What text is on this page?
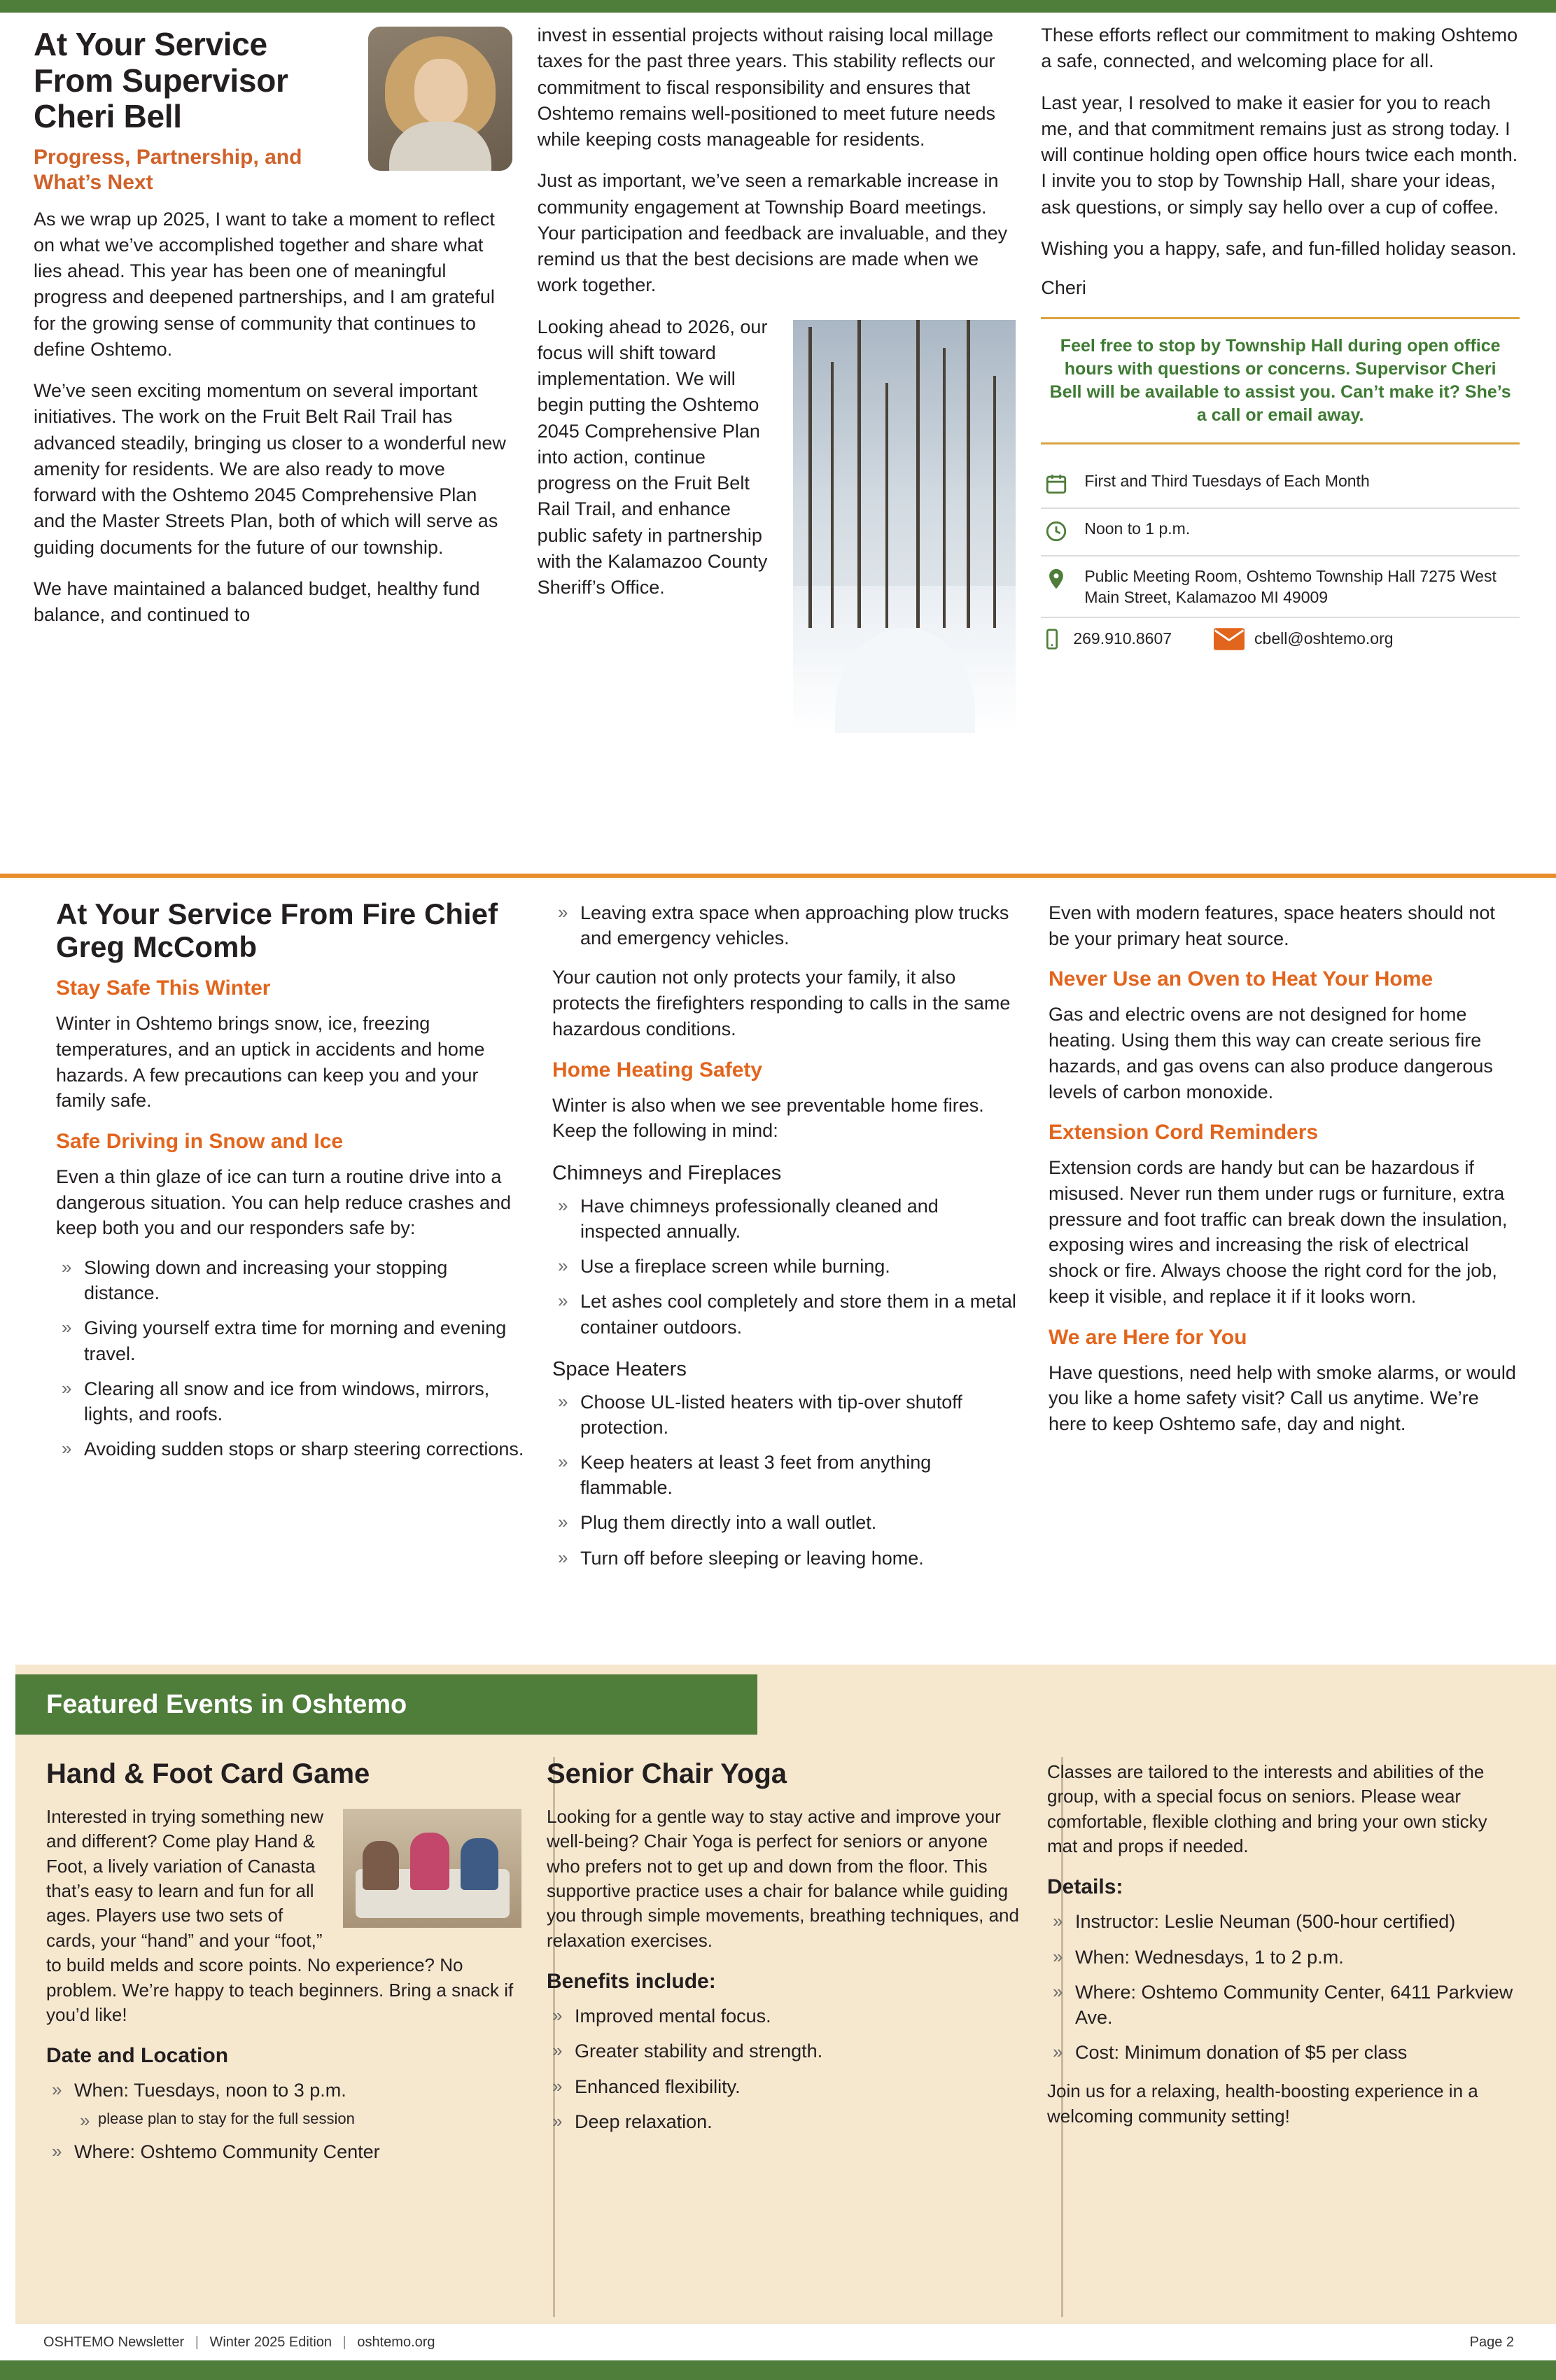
At Your Service From Supervisor Cheri Bell
Progress, Partnership, and What’s Next

As we wrap up 2025, I want to take a moment to reflect on what we’ve accomplished together and share what lies ahead. This year has been one of meaningful progress and deepened partnerships, and I am grateful for the growing sense of community that continues to define Oshtemo.

We’ve seen exciting momentum on several important initiatives. The work on the Fruit Belt Rail Trail has advanced steadily, bringing us closer to a wonderful new amenity for residents. We are also ready to move forward with the Oshtemo 2045 Comprehensive Plan and the Master Streets Plan, both of which will serve as guiding documents for the future of our township.

We have maintained a balanced budget, healthy fund balance, and continued to

invest in essential projects without raising local millage taxes for the past three years. This stability reflects our commitment to fiscal responsibility and ensures that Oshtemo remains well-positioned to meet future needs while keeping costs manageable for residents.

Just as important, we’ve seen a remarkable increase in community engagement at Township Board meetings. Your participation and feedback are invaluable, and they remind us that the best decisions are made when we work together.

Looking ahead to 2026, our focus will shift toward implementation. We will begin putting the Oshtemo 2045 Comprehensive Plan into action, continue progress on the Fruit Belt Rail Trail, and enhance public safety in partnership with the Kalamazoo County Sheriff’s Office.

These efforts reflect our commitment to making Oshtemo a safe, connected, and welcoming place for all.

Last year, I resolved to make it easier for you to reach me, and that commitment remains just as strong today. I will continue holding open office hours twice each month. I invite you to stop by Township Hall, share your ideas, ask questions, or simply say hello over a cup of coffee.

Wishing you a happy, safe, and fun-filled holiday season.

Cheri

Feel free to stop by Township Hall during open office hours with questions or concerns. Supervisor Cheri Bell will be available to assist you. Can’t make it? She’s a call or email away.
First and Third Tuesdays of Each Month
Noon to 1 p.m.
Public Meeting Room, Oshtemo Township Hall 7275 West Main Street, Kalamazoo MI 49009
269.910.8607	cbell@oshtemo.org
At Your Service From Fire Chief Greg McComb
Stay Safe This Winter

Winter in Oshtemo brings snow, ice, freezing temperatures, and an uptick in accidents and home hazards. A few precautions can keep you and your family safe.

Safe Driving in Snow and Ice

Even a thin glaze of ice can turn a routine drive into a dangerous situation. You can help reduce crashes and keep both you and our responders safe by:

» Slowing down and increasing your stopping distance.
» Giving yourself extra time for morning and evening travel.
» Clearing all snow and ice from windows, mirrors, lights, and roofs.
» Avoiding sudden stops or sharp steering corrections.
» Leaving extra space when approaching plow trucks and emergency vehicles.

Your caution not only protects your family, it also protects the firefighters responding to calls in the same hazardous conditions.

Home Heating Safety

Winter is also when we see preventable home fires. Keep the following in mind:

Chimneys and Fireplaces
» Have chimneys professionally cleaned and inspected annually.
» Use a fireplace screen while burning.
» Let ashes cool completely and store them in a metal container outdoors.
Space Heaters
» Choose UL-listed heaters with tip-over shutoff protection.
» Keep heaters at least 3 feet from anything flammable.
» Plug them directly into a wall outlet.
» Turn off before sleeping or leaving home.

Even with modern features, space heaters should not be your primary heat source.

Never Use an Oven to Heat Your Home

Gas and electric ovens are not designed for home heating. Using them this way can create serious fire hazards, and gas ovens can also produce dangerous levels of carbon monoxide.

Extension Cord Reminders

Extension cords are handy but can be hazardous if misused. Never run them under rugs or furniture, extra pressure and foot traffic can break down the insulation, exposing wires and increasing the risk of electrical shock or fire. Always choose the right cord for the job, keep it visible, and replace it if it looks worn.

We are Here for You

Have questions, need help with smoke alarms, or would you like a home safety visit? Call us anytime. We’re here to keep Oshtemo safe, day and night.

Featured Events in Oshtemo
Hand & Foot Card Game

Interested in trying something new and different? Come play Hand & Foot, a lively variation of Canasta that’s easy to learn and fun for all ages. Players use two sets of cards, your “hand” and your “foot,” to build melds and score points. No experience? No problem. We’re happy to teach beginners. Bring a snack if you’d like!

Date and Location
» When: Tuesdays, noon to 3 p.m.
» please plan to stay for the full session
» Where: Oshtemo Community Center
Senior Chair Yoga

Looking for a gentle way to stay active and improve your well-being? Chair Yoga is perfect for seniors or anyone who prefers not to get up and down from the floor. This supportive practice uses a chair for balance while guiding you through simple movements, breathing techniques, and relaxation exercises.

Benefits include:
» Improved mental focus.
» Greater stability and strength.
» Enhanced flexibility.
» Deep relaxation.

Classes are tailored to the interests and abilities of the group, with a special focus on seniors. Please wear comfortable, flexible clothing and bring your own sticky mat and props if needed.

Details:
» Instructor: Leslie Neuman (500-hour certified)
» When: Wednesdays, 1 to 2 p.m.
» Where: Oshtemo Community Center, 6411 Parkview Ave.
» Cost: Minimum donation of $5 per class

Join us for a relaxing, health-boosting experience in a welcoming community setting!

OSHTEMO Newsletter | Winter 2025 Edition | oshtemo.org	Page 2
